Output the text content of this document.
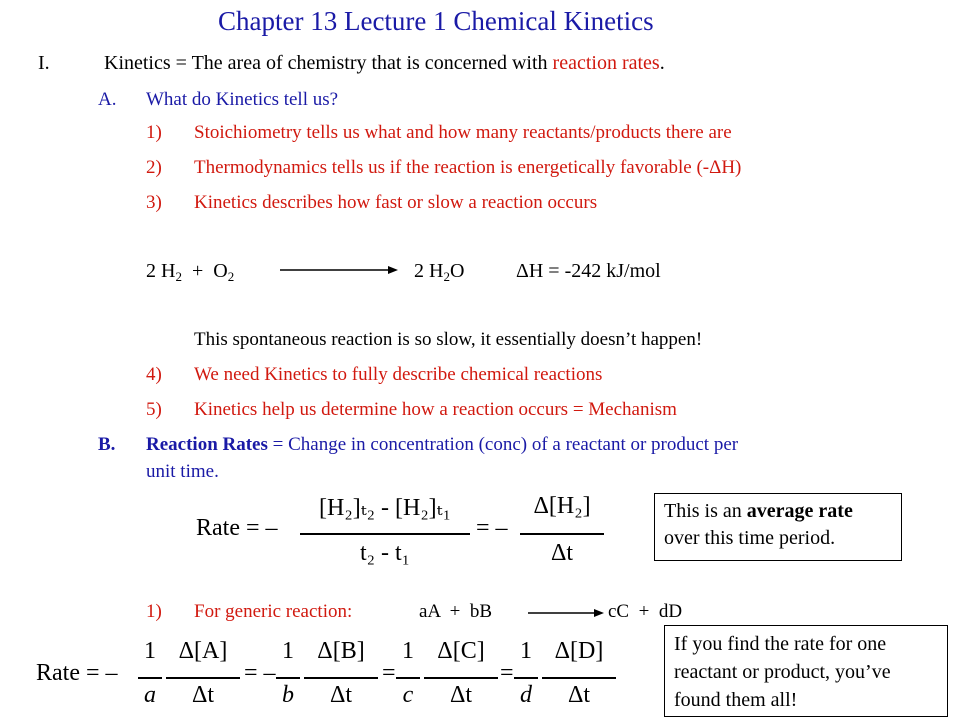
Chapter 13 Lecture 1 Chemical Kinetics
I.	Kinetics = The area of chemistry that is concerned with reaction rates.
A. What do Kinetics tell us?
1) Stoichiometry tells us what and how many reactants/products there are
2) Thermodynamics tells us if the reaction is energetically favorable (-ΔH)
3) Kinetics describes how fast or slow a reaction occurs
2 $H_2 + O_2$	2 $H_2O$	ΔH = -242 kJ/mol
This spontaneous reaction is so slow, it essentially doesn’t happen!
4) We need Kinetics to fully describe chemical reactions
5) Kinetics help us determine how a reaction occurs = Mechanism
B. Reaction Rates = Change in concentration (conc) of a reactant or product per
unit time.
Rate = –
[H₂]ₜ₂ - [H₂]ₜ₁
t₂ - t₁
= –
Δ[H₂]
Δt
This is an average rate
over this time period.
1) For generic reaction:	aA  +  bB	cC  +  dD
Rate = –
1
a
Δ[A]
Δt
= –
1
b
Δ[B]
Δt
=
1
c
Δ[C]
Δt
=
1
d
Δ[D]
Δt
If you find the rate for one reactant or product, you’ve found them all!
